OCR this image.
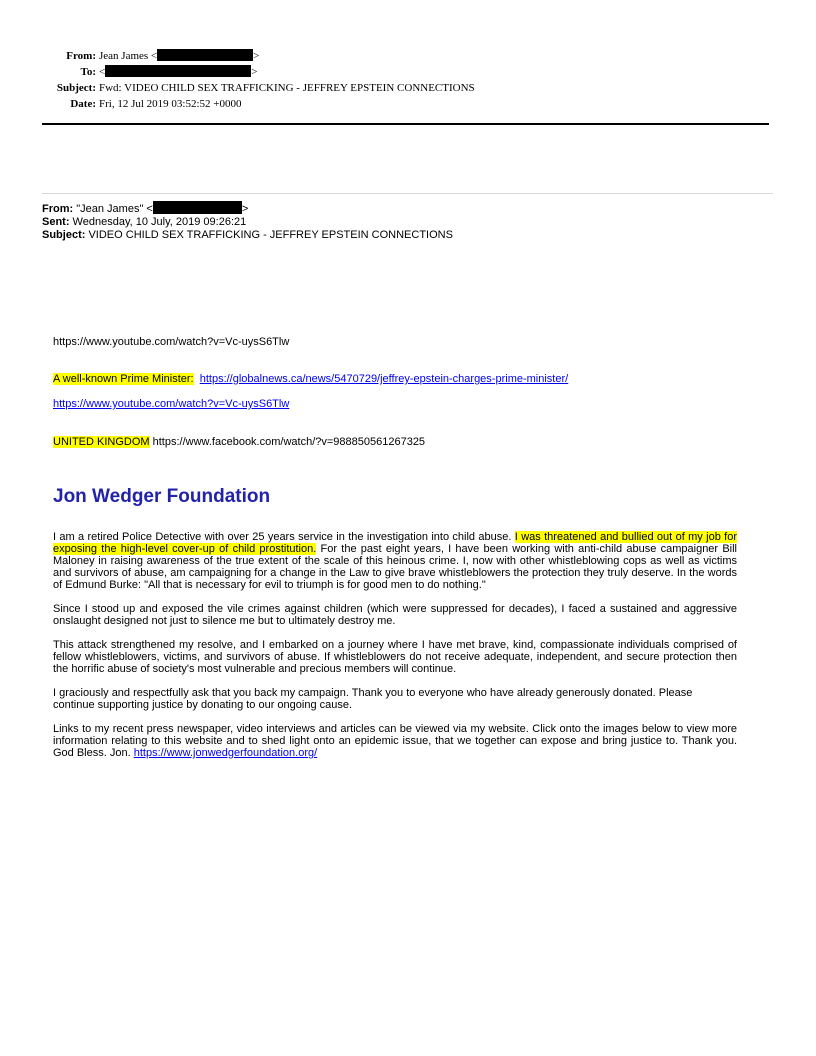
From: Jean James <	>
To: <	>
Subject: Fwd: VIDEO CHILD SEX TRAFFICKING - JEFFREY EPSTEIN CONNECTIONS
Date: Fri, 12 Jul 2019 03:52:52 +0000
From: "Jean James" <	>
Sent: Wednesday, 10 July, 2019 09:26:21
Subject: VIDEO CHILD SEX TRAFFICKING - JEFFREY EPSTEIN CONNECTIONS
https://www.youtube.com/watch?v=Vc-uysS6Tlw
A well-known Prime Minister: https://globalnews.ca/news/5470729/jeffrey-epstein-charges-prime-minister/
https://www.youtube.com/watch?v=Vc-uysS6Tlw
UNITED KINGDOM https://www.facebook.com/watch/?v=988850561267325
Jon Wedger Foundation

I am a retired Police Detective with over 25 years service in the investigation into child abuse. I was threatened and bullied out of my job for exposing the high-level cover-up of child prostitution. For the past eight years, I have been working with anti-child abuse campaigner Bill Maloney in raising awareness of the true extent of the scale of this heinous crime. I, now with other whistleblowing cops as well as victims and survivors of abuse, am campaigning for a change in the Law to give brave whistleblowers the protection they truly deserve. In the words of Edmund Burke: "All that is necessary for evil to triumph is for good men to do nothing."

Since I stood up and exposed the vile crimes against children (which were suppressed for decades), I faced a sustained and aggressive onslaught designed not just to silence me but to ultimately destroy me.

This attack strengthened my resolve, and I embarked on a journey where I have met brave, kind, compassionate individuals comprised of fellow whistleblowers, victims, and survivors of abuse. If whistleblowers do not receive adequate, independent, and secure protection then the horrific abuse of society's most vulnerable and precious members will continue.

I graciously and respectfully ask that you back my campaign. Thank you to everyone who have already generously donated. Please continue supporting justice by donating to our ongoing cause.

Links to my recent press newspaper, video interviews and articles can be viewed via my website. Click onto the images below to view more information relating to this website and to shed light onto an epidemic issue, that we together can expose and bring justice to. Thank you. God Bless. Jon. https://www.jonwedgerfoundation.org/
